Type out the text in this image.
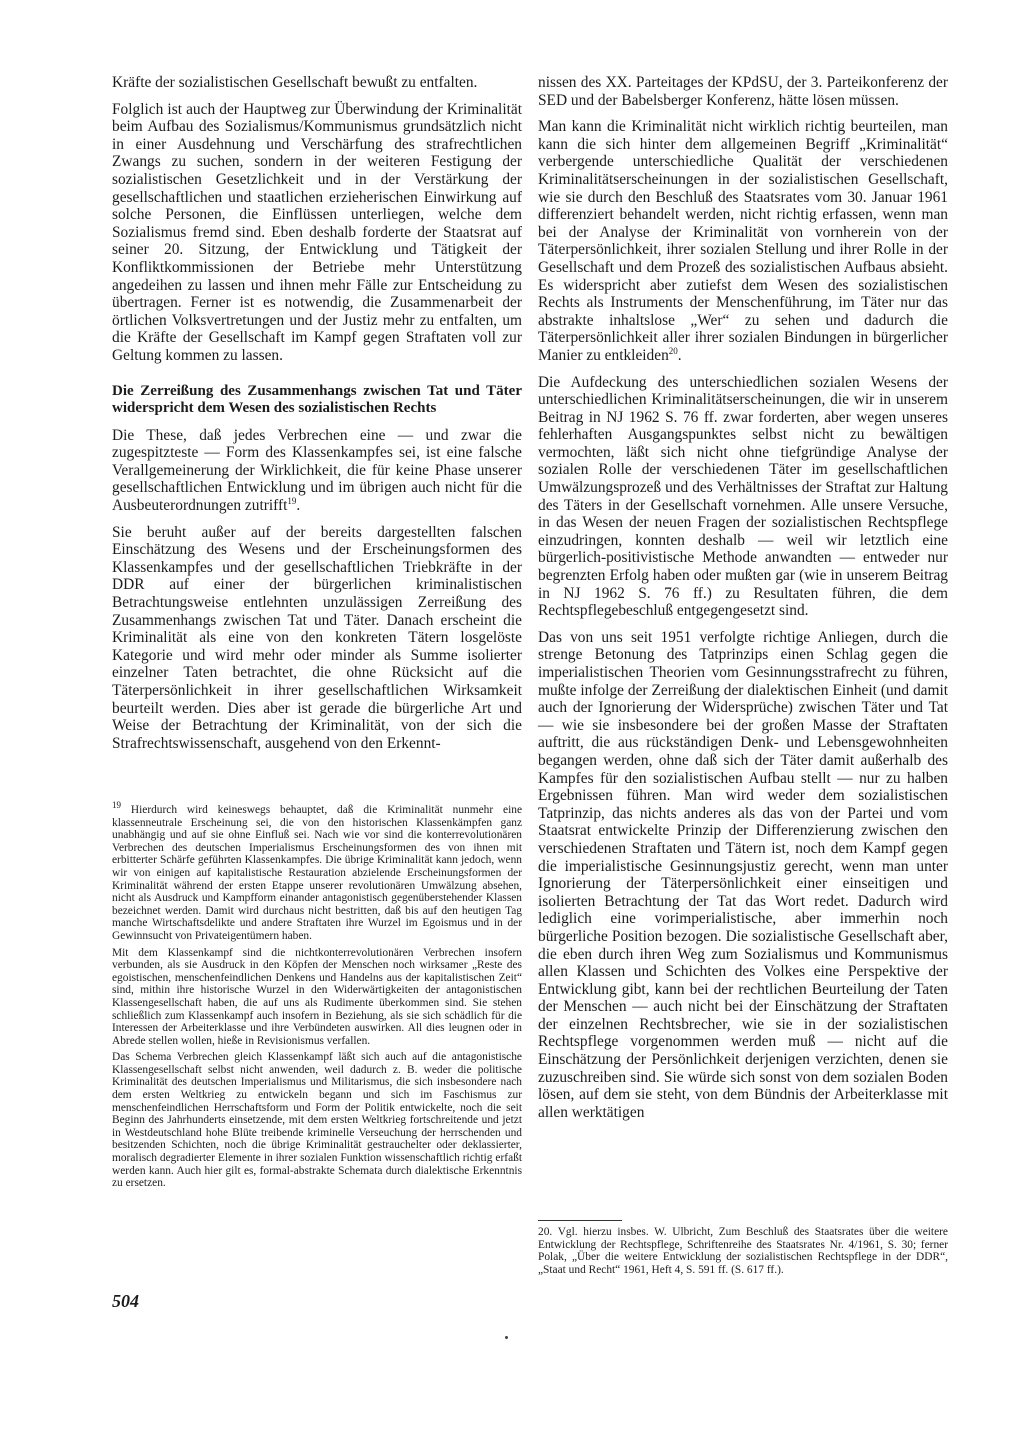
Kräfte der sozialistischen Gesellschaft bewußt zu entfalten.

Folglich ist auch der Hauptweg zur Überwindung der Kriminalität beim Aufbau des Sozialismus/Kommunismus grundsätzlich nicht in einer Ausdehnung und Verschärfung des strafrechtlichen Zwangs zu suchen, sondern in der weiteren Festigung der sozialistischen Gesetzlichkeit und in der Verstärkung der gesellschaftlichen und staatlichen erzieherischen Einwirkung auf solche Personen, die Einflüssen unterliegen, welche dem Sozialismus fremd sind. Eben deshalb forderte der Staatsrat auf seiner 20. Sitzung, der Entwicklung und Tätigkeit der Konfliktkommissionen der Betriebe mehr Unterstützung angedeihen zu lassen und ihnen mehr Fälle zur Entscheidung zu übertragen. Ferner ist es notwendig, die Zusammenarbeit der örtlichen Volksvertretungen und der Justiz mehr zu entfalten, um die Kräfte der Gesellschaft im Kampf gegen Straftaten voll zur Geltung kommen zu lassen.

Die Zerreißung des Zusammenhangs zwischen Tat und Täter widerspricht dem Wesen des sozialistischen Rechts

Die These, daß jedes Verbrechen eine — und zwar die zugespitzteste — Form des Klassenkampfes sei, ist eine falsche Verallgemeinerung der Wirklichkeit, die für keine Phase unserer gesellschaftlichen Entwicklung und im übrigen auch nicht für die Ausbeuterordnungen zutrifft$^{19}$.

Sie beruht außer auf der bereits dargestellten falschen Einschätzung des Wesens und der Erscheinungsformen des Klassenkampfes und der gesellschaftlichen Triebkräfte in der DDR auf einer der bürgerlichen kriminalistischen Betrachtungsweise entlehnten unzulässigen Zerreißung des Zusammenhangs zwischen Tat und Täter. Danach erscheint die Kriminalität als eine von den konkreten Tätern losgelöste Kategorie und wird mehr oder minder als Summe isolierter einzelner Taten betrachtet, die ohne Rücksicht auf die Täterpersönlichkeit in ihrer gesellschaftlichen Wirksamkeit beurteilt werden. Dies aber ist gerade die bürgerliche Art und Weise der Betrachtung der Kriminalität, von der sich die Strafrechtswissenschaft, ausgehend von den Erkennt-

nissen des XX. Parteitages der KPdSU, der 3. Parteikonferenz der SED und der Babelsberger Konferenz, hätte lösen müssen.

Man kann die Kriminalität nicht wirklich richtig beurteilen, man kann die sich hinter dem allgemeinen Begriff „Kriminalität“ verbergende unterschiedliche Qualität der verschiedenen Kriminalitätserscheinungen in der sozialistischen Gesellschaft, wie sie durch den Beschluß des Staatsrates vom 30. Januar 1961 differenziert behandelt werden, nicht richtig erfassen, wenn man bei der Analyse der Kriminalität von vornherein von der Täterpersönlichkeit, ihrer sozialen Stellung und ihrer Rolle in der Gesellschaft und dem Prozeß des sozialistischen Aufbaus absieht. Es widerspricht aber zutiefst dem Wesen des sozialistischen Rechts als Instruments der Menschenführung, im Täter nur das abstrakte inhaltslose „Wer“ zu sehen und dadurch die Täterpersönlichkeit aller ihrer sozialen Bindungen in bürgerlicher Manier zu entkleiden$^{20}$.

Die Aufdeckung des unterschiedlichen sozialen Wesens der unterschiedlichen Kriminalitätserscheinungen, die wir in unserem Beitrag in NJ 1962 S. 76 ff. zwar forderten, aber wegen unseres fehlerhaften Ausgangspunktes selbst nicht zu bewältigen vermochten, läßt sich nicht ohne tiefgründige Analyse der sozialen Rolle der verschiedenen Täter im gesellschaftlichen Umwälzungsprozeß und des Verhältnisses der Straftat zur Haltung des Täters in der Gesellschaft vornehmen. Alle unsere Versuche, in das Wesen der neuen Fragen der sozialistischen Rechtspflege einzudringen, konnten deshalb — weil wir letztlich eine bürgerlich-positivistische Methode anwandten — entweder nur begrenzten Erfolg haben oder mußten gar (wie in unserem Beitrag in NJ 1962 S. 76 ff.) zu Resultaten führen, die dem Rechtspflegebeschluß entgegengesetzt sind.

Das von uns seit 1951 verfolgte richtige Anliegen, durch die strenge Betonung des Tatprinzips einen Schlag gegen die imperialistischen Theorien vom Gesinnungsstrafrecht zu führen, mußte infolge der Zerreißung der dialektischen Einheit (und damit auch der Ignorierung der Widersprüche) zwischen Täter und Tat — wie sie insbesondere bei der großen Masse der Straftaten auftritt, die aus rückständigen Denk- und Lebensgewohnheiten begangen werden, ohne daß sich der Täter damit außerhalb des Kampfes für den sozialistischen Aufbau stellt — nur zu halben Ergebnissen führen. Man wird weder dem sozialistischen Tatprinzip, das nichts anderes als das von der Partei und vom Staatsrat entwickelte Prinzip der Differenzierung zwischen den verschiedenen Straftaten und Tätern ist, noch dem Kampf gegen die imperialistische Gesinnungsjustiz gerecht, wenn man unter Ignorierung der Täterpersönlichkeit einer einseitigen und isolierten Betrachtung der Tat das Wort redet. Dadurch wird lediglich eine vorimperialistische, aber immerhin noch bürgerliche Position bezogen. Die sozialistische Gesellschaft aber, die eben durch ihren Weg zum Sozialismus und Kommunismus allen Klassen und Schichten des Volkes eine Perspektive der Entwicklung gibt, kann bei der rechtlichen Beurteilung der Taten der Menschen — auch nicht bei der Einschätzung der Straftaten der einzelnen Rechtsbrecher, wie sie in der sozialistischen Rechtspflege vorgenommen werden muß — nicht auf die Einschätzung der Persönlichkeit derjenigen verzichten, denen sie zuzuschreiben sind. Sie würde sich sonst von dem sozialen Boden lösen, auf dem sie steht, von dem Bündnis der Arbeiterklasse mit allen werktätigen

$^{19}$ Hierdurch wird keineswegs behauptet, daß die Kriminalität nunmehr eine klassenneutrale Erscheinung sei, die von den historischen Klassenkämpfen ganz unabhängig und auf sie ohne Einfluß sei. Nach wie vor sind die konterrevolutionären Verbrechen des deutschen Imperialismus Erscheinungsformen des von ihnen mit erbitterter Schärfe geführten Klassenkampfes. Die übrige Kriminalität kann jedoch, wenn wir von einigen auf kapitalistische Restauration abzielende Erscheinungsformen der Kriminalität während der ersten Etappe unserer revolutionären Umwälzung absehen, nicht als Ausdruck und Kampfform einander antagonistisch gegenüberstehender Klassen bezeichnet werden. Damit wird durchaus nicht bestritten, daß bis auf den heutigen Tag manche Wirtschaftsdelikte und andere Straftaten ihre Wurzel im Egoismus und in der Gewinnsucht von Privateigentümern haben.

Mit dem Klassenkampf sind die nichtkonterrevolutionären Verbrechen insofern verbunden, als sie Ausdruck in den Köpfen der Menschen noch wirksamer „Reste des egoistischen, menschenfeindlichen Denkens und Handelns aus der kapitalistischen Zeit“ sind, mithin ihre historische Wurzel in den Widerwärtigkeiten der antagonistischen Klassengesellschaft haben, die auf uns als Rudimente überkommen sind. Sie stehen schließlich zum Klassenkampf auch insofern in Beziehung, als sie sich schädlich für die Interessen der Arbeiterklasse und ihre Verbündeten auswirken. All dies leugnen oder in Abrede stellen wollen, hieße in Revisionismus verfallen.

Das Schema Verbrechen gleich Klassenkampf läßt sich auch auf die antagonistische Klassengesellschaft selbst nicht anwenden, weil dadurch z. B. weder die politische Kriminalität des deutschen Imperialismus und Militarismus, die sich insbesondere nach dem ersten Weltkrieg zu entwickeln begann und sich im Faschismus zur menschenfeindlichen Herrschaftsform und Form der Politik entwickelte, noch die seit Beginn des Jahrhunderts einsetzende, mit dem ersten Weltkrieg fortschreitende und jetzt in Westdeutschland hohe Blüte treibende kriminelle Verseuchung der herrschenden und besitzenden Schichten, noch die übrige Kriminalität gestrauchelter oder deklassierter, moralisch degradierter Elemente in ihrer sozialen Funktion wissenschaftlich richtig erfaßt werden kann. Auch hier gilt es, formal-abstrakte Schemata durch dialektische Erkenntnis zu ersetzen.

20. Vgl. hierzu insbes. W. Ulbricht, Zum Beschluß des Staatsrates über die weitere Entwicklung der Rechtspflege, Schriftenreihe des Staatsrates Nr. 4/1961, S. 30; ferner Polak, „Über die weitere Entwicklung der sozialistischen Rechtspflege in der DDR“, „Staat und Recht“ 1961, Heft 4, S. 591 ff. (S. 617 ff.).

504
